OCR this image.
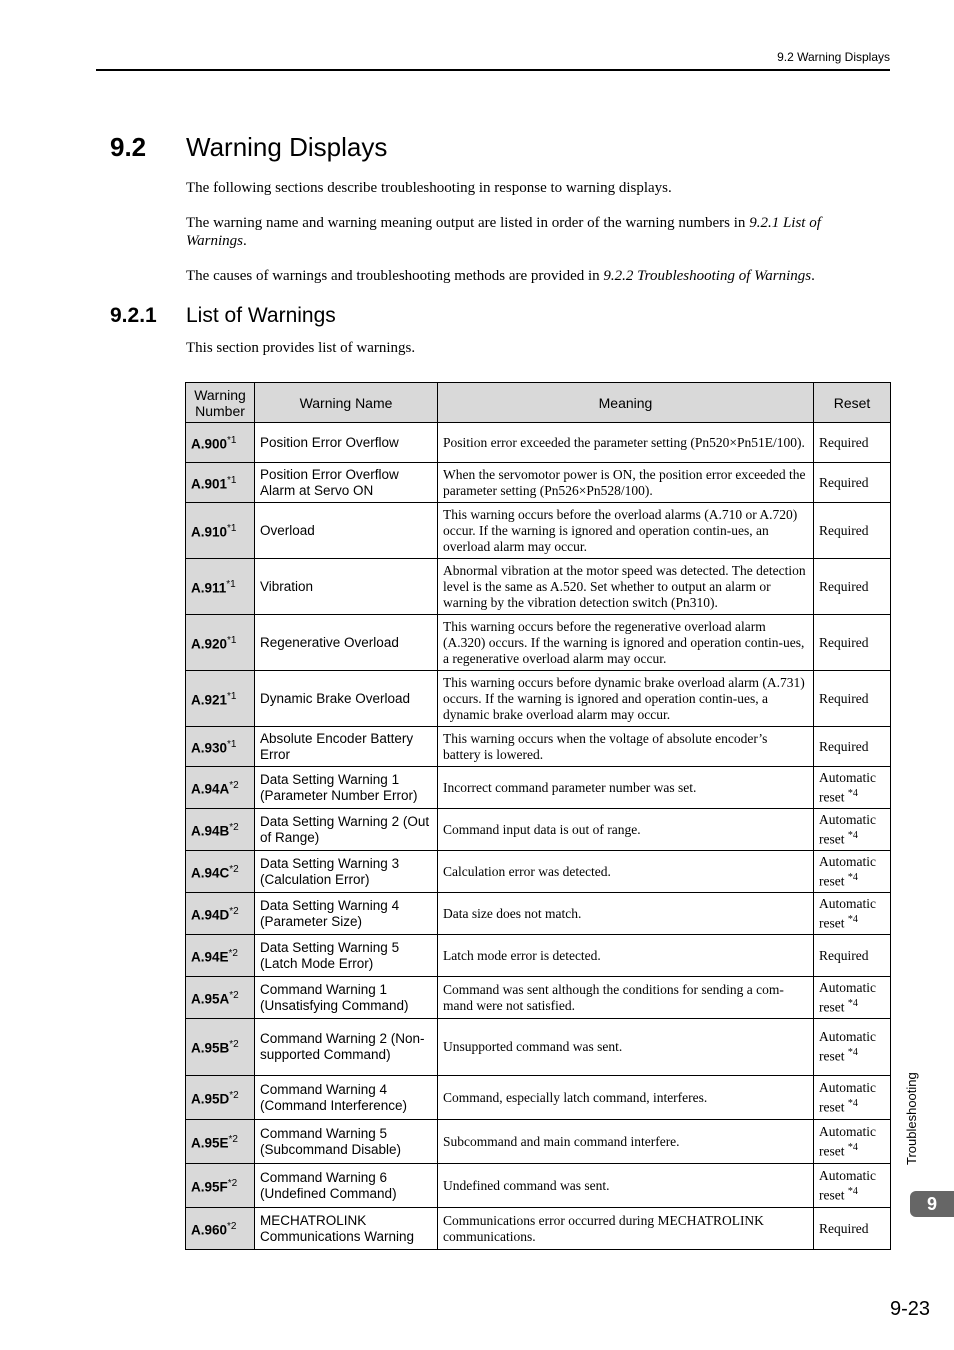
9.2 Warning Displays
9.2	Warning Displays
The following sections describe troubleshooting in response to warning displays.
The warning name and warning meaning output are listed in order of the warning numbers in 9.2.1 List of Warnings.
The causes of warnings and troubleshooting methods are provided in 9.2.2 Troubleshooting of Warnings.
9.2.1	List of Warnings
This section provides list of warnings.
Warning Number	Warning Name	Meaning	Reset
A.900$^{*1}$	Position Error Overflow	Position error exceeded the parameter setting (Pn520×Pn51E/100).	Required
A.901$^{*1}$	Position Error Overflow Alarm at Servo ON	When the servomotor power is ON, the position error exceeded the parameter setting (Pn526×Pn528/100).	Required
A.910$^{*1}$	Overload	This warning occurs before the overload alarms (A.710 or A.720) occur. If the warning is ignored and operation contin-ues, an overload alarm may occur.	Required
A.911$^{*1}$	Vibration	Abnormal vibration at the motor speed was detected. The detection level is the same as A.520. Set whether to output an alarm or warning by the vibration detection switch (Pn310).	Required
A.920$^{*1}$	Regenerative Overload	This warning occurs before the regenerative overload alarm (A.320) occurs. If the warning is ignored and operation contin-ues, a regenerative overload alarm may occur.	Required
A.921$^{*1}$	Dynamic Brake Overload	This warning occurs before dynamic brake overload alarm (A.731) occurs. If the warning is ignored and operation contin-ues, a dynamic brake overload alarm may occur.	Required
A.930$^{*1}$	Absolute Encoder Battery Error	This warning occurs when the voltage of absolute encoder’s battery is lowered.	Required
$A.94A^{*2}$	Data Setting Warning 1 (Parameter Number Error)	Incorrect command parameter number was set.	Automatic reset $^{*4}$
$A.94B^{*2}$	Data Setting Warning 2 (Out of Range)	Command input data is out of range.	Automatic reset $^{*4}$
$A.94C^{*2}$	Data Setting Warning 3 (Calculation Error)	Calculation error was detected.	Automatic reset $^{*4}$
$A.94D^{*2}$	Data Setting Warning 4 (Parameter Size)	Data size does not match.	Automatic reset $^{*4}$
$A.94E^{*2}$	Data Setting Warning 5 (Latch Mode Error)	Latch mode error is detected.	Required
$A.95A^{*2}$	Command Warning 1 (Unsatisfying Command)	Command was sent although the conditions for sending a com-mand were not satisfied.	Automatic reset $^{*4}$
$A.95B^{*2}$	Command Warning 2 (Non-supported Command)	Unsupported command was sent.	Automatic reset $^{*4}$
$A.95D^{*2}$	Command Warning 4 (Command Interference)	Command, especially latch command, interferes.	Automatic reset $^{*4}$
$A.95E^{*2}$	Command Warning 5 (Subcommand Disable)	Subcommand and main command interfere.	Automatic reset $^{*4}$
$A.95F^{*2}$	Command Warning 6 (Undefined Command)	Undefined command was sent.	Automatic reset $^{*4}$
A.960$^{*2}$	MECHATROLINK Communications Warning	Communications error occurred during MECHATROLINK communications.	Required
Troubleshooting
9
9-23
